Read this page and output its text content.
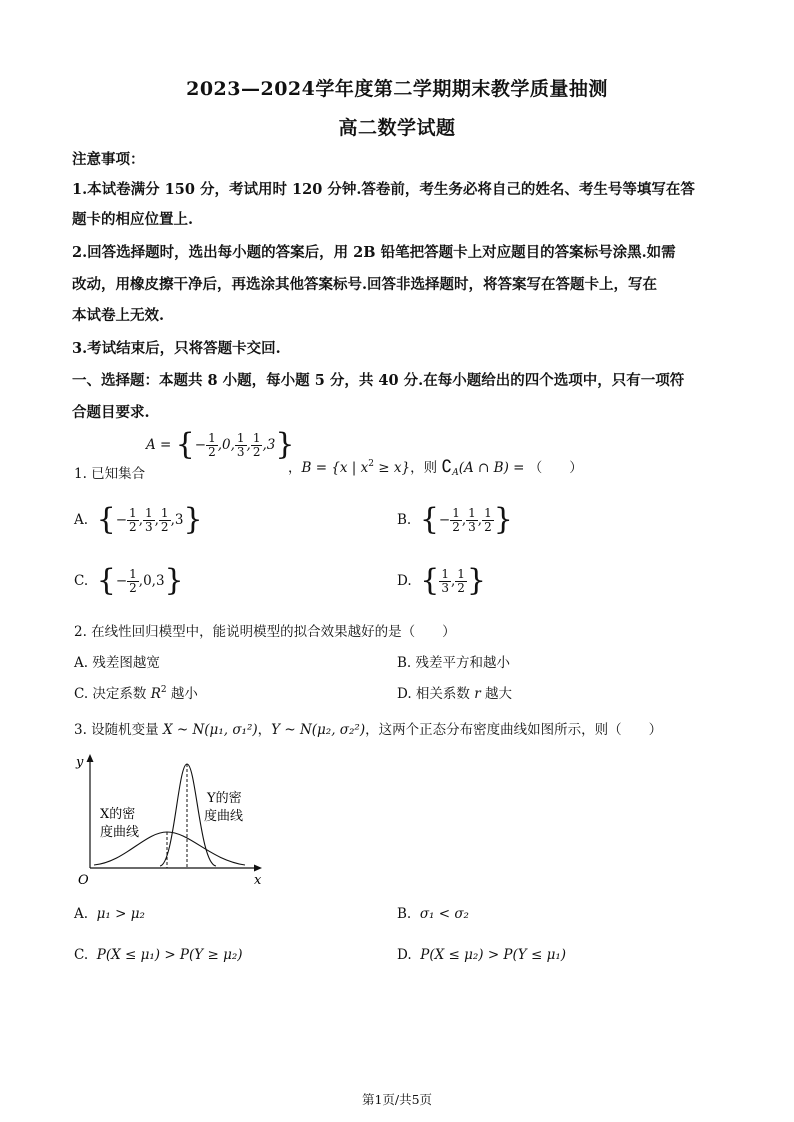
2023—2024学年度第二学期期末教学质量抽测
高二数学试题
注意事项：
1.本试卷满分 150 分，考试用时 120 分钟.答卷前，考生务必将自己的姓名、考生号等填写在答
题卡的相应位置上.
2.回答选择题时，选出每小题的答案后，用 2B 铅笔把答题卡上对应题目的答案标号涂黑.如需
改动，用橡皮擦干净后，再选涂其他答案标号.回答非选择题时，将答案写在答题卡上，写在
本试卷上无效.
3.考试结束后，只将答题卡交回.
一、选择题：本题共 8 小题，每小题 5 分，共 40 分.在每小题给出的四个选项中，只有一项符
合题目要求.
A =
{ − $\frac{1}{2} ,0$, $\frac{1}{3}$ , $\frac{1}{2} ,3$ }
1. 已知集合	，B = {x | $x^2 \ge x$}，则 $∁_A(A$ ∩ B) = （　　）
A.
{ − $\frac{1}{2}$ , $\frac{1}{3}$ , $\frac{1}{2} ,3$ }	B.
{ − $\frac{1}{2}$ , $\frac{1}{3}$ , $\frac{1}{2}$ }
C.
{ − $\frac{1}{2} ,0,3$ }	D.
{ $\frac{1}{3}$ , $\frac{1}{2}$ }
2. 在线性回归模型中，能说明模型的拟合效果越好的是（　　）
A. 残差图越宽	B. 残差平方和越小
C. 决定系数 $R^2$ 越小	D. 相关系数 r 越大
3. 设随机变量 X ~ N(μ₁, σ₁²)，Y ~ N(μ₂, σ₂²)，这两个正态分布密度曲线如图所示，则（　　）
y
x
O
X的密
度曲线
Y的密
度曲线
A. μ₁ > μ₂	B. σ₁ < σ₂
C. P(X ≤ μ₁) > P(Y ≥ μ₂)	D. P(X ≤ μ₂) > P(Y ≤ μ₁)
第1页/共5页
